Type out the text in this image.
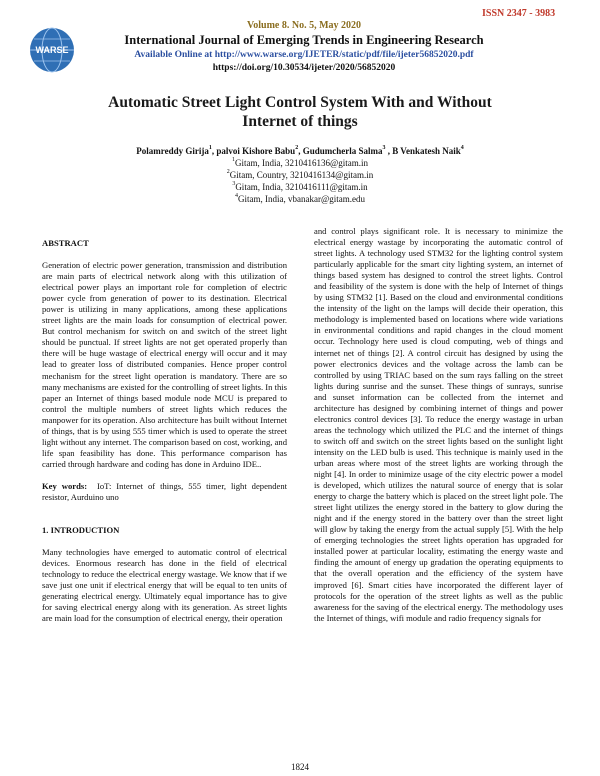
ISSN 2347 - 3983
WARSE
Volume 8. No. 5, May 2020
International Journal of Emerging Trends in Engineering Research
Available Online at http://www.warse.org/IJETER/static/pdf/file/ijeter56852020.pdf
https://doi.org/10.30534/ijeter/2020/56852020
Automatic Street Light Control System With and Without
Internet of things
Polamreddy Girija$^1$, palvoi Kishore Babu$^2$, Gudumcherla Salma$^3$ , B Venkatesh Naik$^4$
$^1$Gitam, India, 3210416136@gitam.in
$^2$Gitam, Country, 3210416134@gitam.in
$^3$Gitam, India, 3210416111@gitam.in
$^4$Gitam, India, vbanakar@gitam.edu

ABSTRACT

Generation of electric power generation, transmission and distribution are main parts of electrical network along with this utilization of electrical power plays an important role for completion of electric power cycle from generation of power to its destination. Electrical power is utilizing in many applications, among these applications street lights are the main loads for consumption of electrical power. But control mechanism for switch on and switch of the street light should be punctual. If street lights are not get operated properly than there will be huge wastage of electrical energy will occur and it may lead to greater loss of distributed companies. Hence proper control mechanism for the street light operation is mandatory. There are so many mechanisms are existed for the controlling of street lights. In this paper an Internet of things based module node MCU is prepared to control the multiple numbers of street lights which reduces the manpower for its operation. Also architecture has built without Internet of things, that is by using 555 timer which is used to operate the street light without any internet. The comparison based on cost, working, and life span feasibility has done. This performance comparison has carried through hardware and coding has done in Arduino IDE..

Key words: IoT: Internet of things, 555 timer, light dependent resistor, Aurduino uno

1. INTRODUCTION

Many technologies have emerged to automatic control of electrical devices. Enormous research has done in the field of electrical technology to reduce the electrical energy wastage. We know that if we save just one unit if electrical energy that will be equal to ten units of generating electrical energy. Ultimately equal importance has to give for saving electrical energy along with its generation. As street lights are main load for the consumption of electrical energy, their operation

and control plays significant role. It is necessary to minimize the electrical energy wastage by incorporating the automatic control of street lights. A technology used STM32 for the lighting control system particularly applicable for the smart city lighting system, an internet of things based system has designed to control the street lights. Control and feasibility of the system is done with the help of Internet of things by using STM32 [1]. Based on the cloud and environmental conditions the intensity of the light on the lamps will decide their operation, this methodology is implemented based on locations where wide variations in environmental conditions and rapid changes in the cloud moment occur. Technology here used is cloud computing, web of things and internet net of things [2]. A control circuit has designed by using the power electronics devices and the voltage across the lamb can be controlled by using TRIAC based on the sum rays falling on the street lights during sunrise and the sunset. These things of sunrays, sunrise and sunset information can be collected from the internet and architecture has designed by combining internet of things and power electronics control devices [3]. To reduce the energy wastage in urban areas the technology which utilized the PLC and the internet of things to switch off and switch on the street lights based on the sunlight light intensity on the LED bulb is used. This technique is mainly used in the urban areas where most of the street lights are working through the night [4]. In order to minimize usage of the city electric power a model is developed, which utilizes the natural source of energy that is solar energy to charge the battery which is placed on the street light pole. The street light utilizes the energy stored in the battery to glow during the night and if the energy stored in the battery over than the street light will glow by taking the energy from the actual supply [5]. With the help of emerging technologies the street lights operation has upgraded for installed power at particular locality, estimating the energy waste and finding the amount of energy up gradation the operating equipments to that the overall operation and the efficiency of the system have improved [6]. Smart cities have incorporated the different layer of protocols for the operation of the street lights as well as the public awareness for the saving of the electrical energy. The methodology uses the Internet of things, wifi module and radio frequency signals for

1824
